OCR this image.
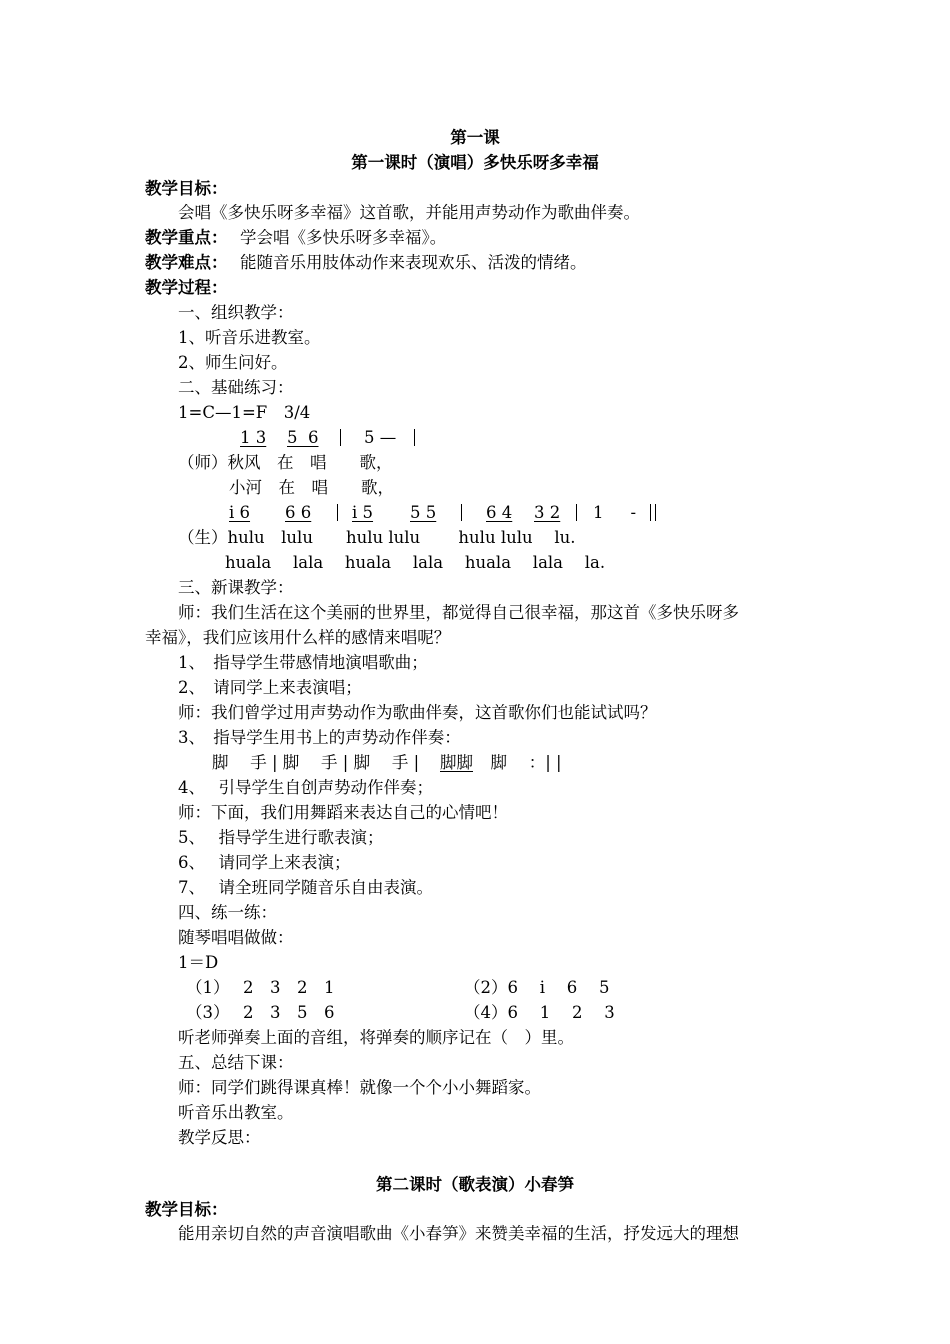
第一课
第一课时（演唱）多快乐呀多幸福
教学目标：
会唱《多快乐呀多幸福》这首歌，并能用声势动作为歌曲伴奏。
教学重点： 学会唱《多快乐呀多幸福》。
教学难点： 能随音乐用肢体动作来表现欢乐、活泼的情绪。
教学过程：
一、组织教学：
1、听音乐进教室。
2、师生问好。
二、基础练习：
1=C—1=F　3/4
1 3 5  6	5 —
（师）秋风　在　唱　　歌，
小河　在　唱　　歌，
i 6 6 6 i 5 5 5	6 4 3 2 1　  -
（生）hulu　lulu　　hulu lulu　　 hulu lulu　 lu.
huala　 lala　 huala　 lala　 huala　 lala　 la.
三、新课教学：
师：我们生活在这个美丽的世界里，都觉得自己很幸福，那这首《多快乐呀多
幸福》，我们应该用什么样的感情来唱呢？
1、　指导学生带感情地演唱歌曲；
2、　请同学上来表演唱；
师：我们曾学过用声势动作为歌曲伴奏，这首歌你们也能试试吗？
3、　指导学生用书上的声势动作伴奏：
脚　 手 | 脚　 手 | 脚　 手 | 脚脚 　脚　 ：| |
4、　 引导学生自创声势动作伴奏；
师：下面，我们用舞蹈来表达自己的心情吧！
5、　 指导学生进行歌表演；
6、　 请同学上来表演；
7、　 请全班同学随音乐自由表演。
四、练一练：
随琴唱唱做做：
1＝D
（1）　 2　3　2　1	（2）6　 i　 6　 5
（3）　 2　3　5　6	（4）6　 1　 2　 3
听老师弹奏上面的音组，将弹奏的顺序记在（　）里。
五、总结下课：
师：同学们跳得课真棒！就像一个个小小舞蹈家。
听音乐出教室。
教学反思：
第二课时（歌表演）小春笋
教学目标：
能用亲切自然的声音演唱歌曲《小春笋》来赞美幸福的生活，抒发远大的理想
